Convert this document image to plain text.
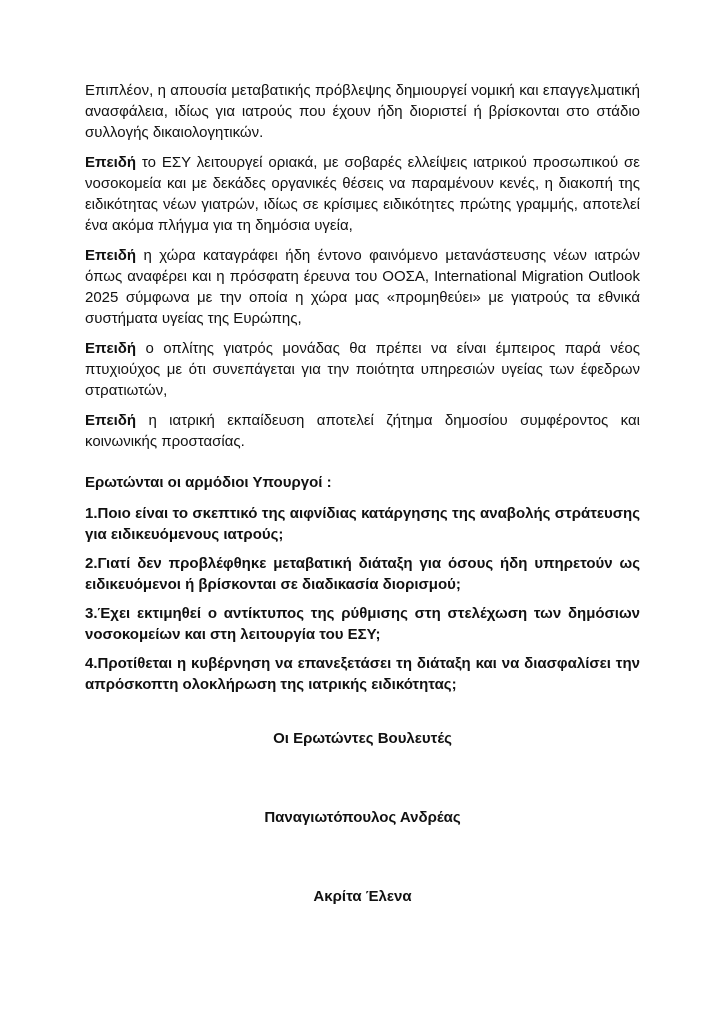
Επιπλέον, η απουσία μεταβατικής πρόβλεψης δημιουργεί νομική και επαγγελματική ανασφάλεια, ιδίως για ιατρούς που έχουν ήδη διοριστεί ή βρίσκονται στο στάδιο συλλογής δικαιολογητικών.

Επειδή το ΕΣΥ λειτουργεί οριακά, με σοβαρές ελλείψεις ιατρικού προσωπικού σε νοσοκομεία και με δεκάδες οργανικές θέσεις να παραμένουν κενές, η διακοπή της ειδικότητας νέων γιατρών, ιδίως σε κρίσιμες ειδικότητες πρώτης γραμμής, αποτελεί ένα ακόμα πλήγμα για τη δημόσια υγεία,

Επειδή η χώρα καταγράφει ήδη έντονο φαινόμενο μετανάστευσης νέων ιατρών όπως αναφέρει και η πρόσφατη έρευνα του ΟΟΣΑ, International Migration Outlook 2025 σύμφωνα με την οποία η χώρα μας «προμηθεύει» με γιατρούς τα εθνικά συστήματα υγείας της Ευρώπης,

Επειδή ο οπλίτης γιατρός μονάδας θα πρέπει να είναι έμπειρος παρά νέος πτυχιούχος με ότι συνεπάγεται για την ποιότητα υπηρεσιών υγείας των έφεδρων στρατιωτών,

Επειδή η ιατρική εκπαίδευση αποτελεί ζήτημα δημοσίου συμφέροντος και κοινωνικής προστασίας.

Ερωτώνται οι αρμόδιοι Υπουργοί :

1.Ποιο είναι το σκεπτικό της αιφνίδιας κατάργησης της αναβολής στράτευσης για ειδικευόμενους ιατρούς;

2.Γιατί δεν προβλέφθηκε μεταβατική διάταξη για όσους ήδη υπηρετούν ως ειδικευόμενοι ή βρίσκονται σε διαδικασία διορισμού;

3.Έχει εκτιμηθεί ο αντίκτυπος της ρύθμισης στη στελέχωση των δημόσιων νοσοκομείων και στη λειτουργία του ΕΣΥ;

4.Προτίθεται η κυβέρνηση να επανεξετάσει τη διάταξη και να διασφαλίσει την απρόσκοπτη ολοκλήρωση της ιατρικής ειδικότητας;

Οι Ερωτώντες Βουλευτές

Παναγιωτόπουλος Ανδρέας

Ακρίτα Έλενα
